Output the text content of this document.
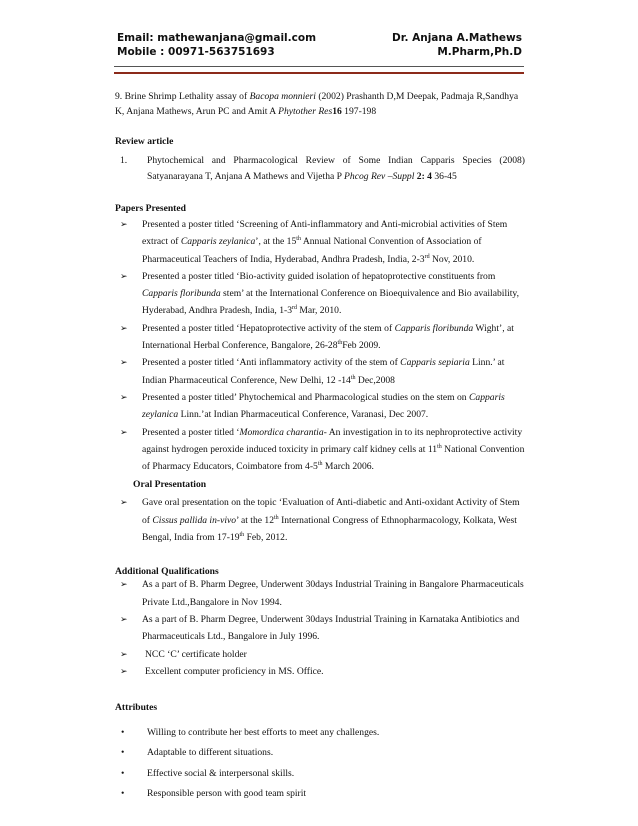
Email: mathewanjana@gmail.com	Dr. Anjana A.Mathews
Mobile : 00971-563751693	M.Pharm,Ph.D

9. Brine Shrimp Lethality assay of Bacopa monnieri (2002) Prashanth D,M Deepak, Padmaja R,Sandhya K, Anjana Mathews, Arun PC and Amit A Phytother Res16 197-198

Review article

1.	Phytochemical and Pharmacological Review of Some Indian Capparis Species (2008) Satyanarayana T, Anjana A Mathews and Vijetha P Phcog Rev –Suppl 2: 4 36-45

Papers Presented

➢	Presented a poster titled ‘Screening of Anti-inflammatory and Anti-microbial activities of Stem extract of Capparis zeylanica’, at the 15th Annual National Convention of Association of Pharmaceutical Teachers of India, Hyderabad, Andhra Pradesh, India, 2-3rd Nov, 2010.
➢	Presented a poster titled ‘Bio-activity guided isolation of hepatoprotective constituents from Capparis floribunda stem’ at the International Conference on Bioequivalence and Bio availability, Hyderabad, Andhra Pradesh, India, 1-3rd Mar, 2010.
➢	Presented a poster titled ‘Hepatoprotective activity of the stem of Capparis floribunda Wight’, at International Herbal Conference, Bangalore, 26-28thFeb 2009.
➢	Presented a poster titled ‘Anti inflammatory activity of the stem of Capparis sepiaria Linn.’ at Indian Pharmaceutical Conference, New Delhi, 12 -14th Dec,2008
➢	Presented a poster titled’ Phytochemical and Pharmacological studies on the stem on Capparis zeylanica Linn.’at Indian Pharmaceutical Conference, Varanasi, Dec 2007.
➢	Presented a poster titled ‘Momordica charantia- An investigation in to its nephroprotective activity against hydrogen peroxide induced toxicity in primary calf kidney cells at 11th National Convention of Pharmacy Educators, Coimbatore from 4-5th March 2006.

Oral Presentation

➢	Gave oral presentation on the topic ‘Evaluation of Anti-diabetic and Anti-oxidant Activity of Stem of Cissus pallida in-vivo’ at the 12th International Congress of Ethnopharmacology, Kolkata, West Bengal, India from 17-19th Feb, 2012.

Additional Qualifications

➢	As a part of B. Pharm Degree, Underwent 30days Industrial Training in Bangalore Pharmaceuticals Private Ltd.,Bangalore in Nov 1994.
➢	As a part of B. Pharm Degree, Underwent 30days Industrial Training in Karnataka Antibiotics and Pharmaceuticals Ltd., Bangalore in July 1996.
➢	NCC ‘C’ certificate holder
➢	Excellent computer proficiency in MS. Office.

Attributes

•	Willing to contribute her best efforts to meet any challenges.
•	Adaptable to different situations.
•	Effective social & interpersonal skills.
•	Responsible person with good team spirit
